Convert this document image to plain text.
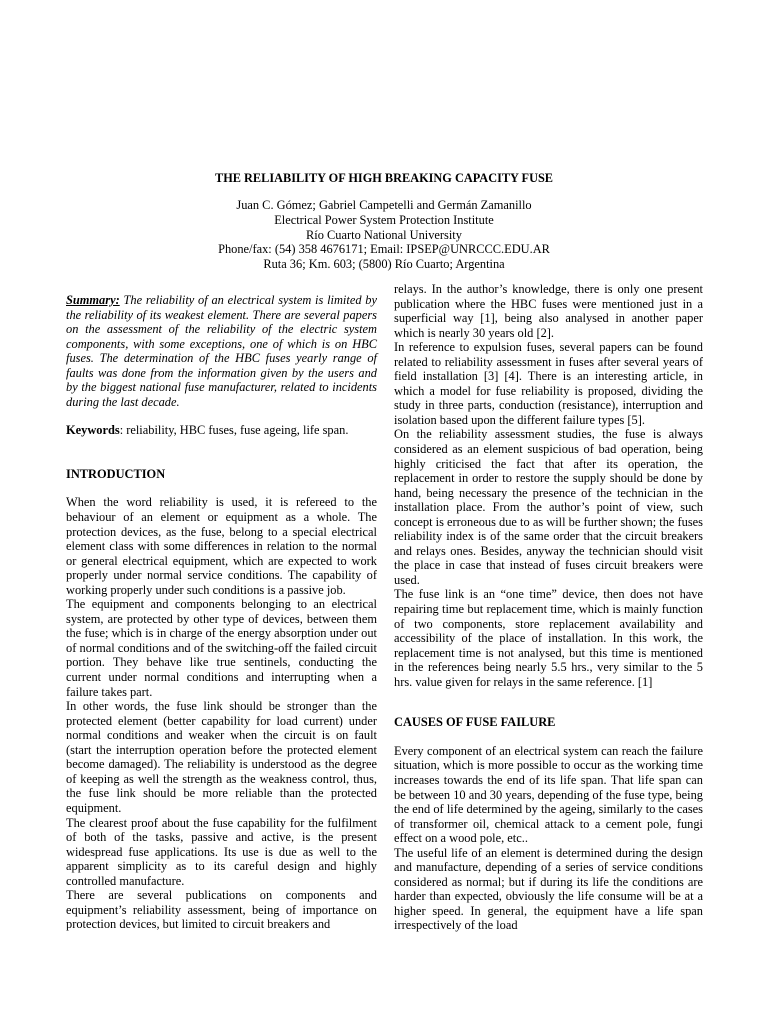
THE RELIABILITY OF HIGH BREAKING CAPACITY FUSE
Juan C. Gómez; Gabriel Campetelli and Germán Zamanillo
Electrical Power System Protection Institute
Río Cuarto National University
Phone/fax: (54) 358 4676171; Email: IPSEP@UNRCCC.EDU.AR
Ruta 36; Km. 603; (5800) Río Cuarto; Argentina

Summary: The reliability of an electrical system is limited by the reliability of its weakest element. There are several papers on the assessment of the reliability of the electric system components, with some exceptions, one of which is on HBC fuses. The determination of the HBC fuses yearly range of faults was done from the information given by the users and by the biggest national fuse manufacturer, related to incidents during the last decade.

Keywords: reliability, HBC fuses, fuse ageing, life span.

INTRODUCTION

When the word reliability is used, it is refereed to the behaviour of an element or equipment as a whole. The protection devices, as the fuse, belong to a special electrical element class with some differences in relation to the normal or general electrical equipment, which are expected to work properly under normal service conditions. The capability of working properly under such conditions is a passive job.

The equipment and components belonging to an electrical system, are protected by other type of devices, between them the fuse; which is in charge of the energy absorption under out of normal conditions and of the switching-off the failed circuit portion. They behave like true sentinels, conducting the current under normal conditions and interrupting when a failure takes part.

In other words, the fuse link should be stronger than the protected element (better capability for load current) under normal conditions and weaker when the circuit is on fault (start the interruption operation before the protected element become damaged). The reliability is understood as the degree of keeping as well the strength as the weakness control, thus, the fuse link should be more reliable than the protected equipment.

The clearest proof about the fuse capability for the fulfilment of both of the tasks, passive and active, is the present widespread fuse applications. Its use is due as well to the apparent simplicity as to its careful design and highly controlled manufacture.

There are several publications on components and equipment’s reliability assessment, being of importance on protection devices, but limited to circuit breakers and

relays. In the author’s knowledge, there is only one present publication where the HBC fuses were mentioned just in a superficial way [1], being also analysed in another paper which is nearly 30 years old [2].

In reference to expulsion fuses, several papers can be found related to reliability assessment in fuses after several years of field installation [3] [4]. There is an interesting article, in which a model for fuse reliability is proposed, dividing the study in three parts, conduction (resistance), interruption and isolation based upon the different failure types [5].

On the reliability assessment studies, the fuse is always considered as an element suspicious of bad operation, being highly criticised the fact that after its operation, the replacement in order to restore the supply should be done by hand, being necessary the presence of the technician in the installation place. From the author’s point of view, such concept is erroneous due to as will be further shown; the fuses reliability index is of the same order that the circuit breakers and relays ones. Besides, anyway the technician should visit the place in case that instead of fuses circuit breakers were used.

The fuse link is an “one time” device, then does not have repairing time but replacement time, which is mainly function of two components, store replacement availability and accessibility of the place of installation. In this work, the replacement time is not analysed, but this time is mentioned in the references being nearly 5.5 hrs., very similar to the 5 hrs. value given for relays in the same reference. [1]

CAUSES OF FUSE FAILURE

Every component of an electrical system can reach the failure situation, which is more possible to occur as the working time increases towards the end of its life span. That life span can be between 10 and 30 years, depending of the fuse type, being the end of life determined by the ageing, similarly to the cases of transformer oil, chemical attack to a cement pole, fungi effect on a wood pole, etc..

The useful life of an element is determined during the design and manufacture, depending of a series of service conditions considered as normal; but if during its life the conditions are harder than expected, obviously the life consume will be at a higher speed. In general, the equipment have a life span irrespectively of the load
